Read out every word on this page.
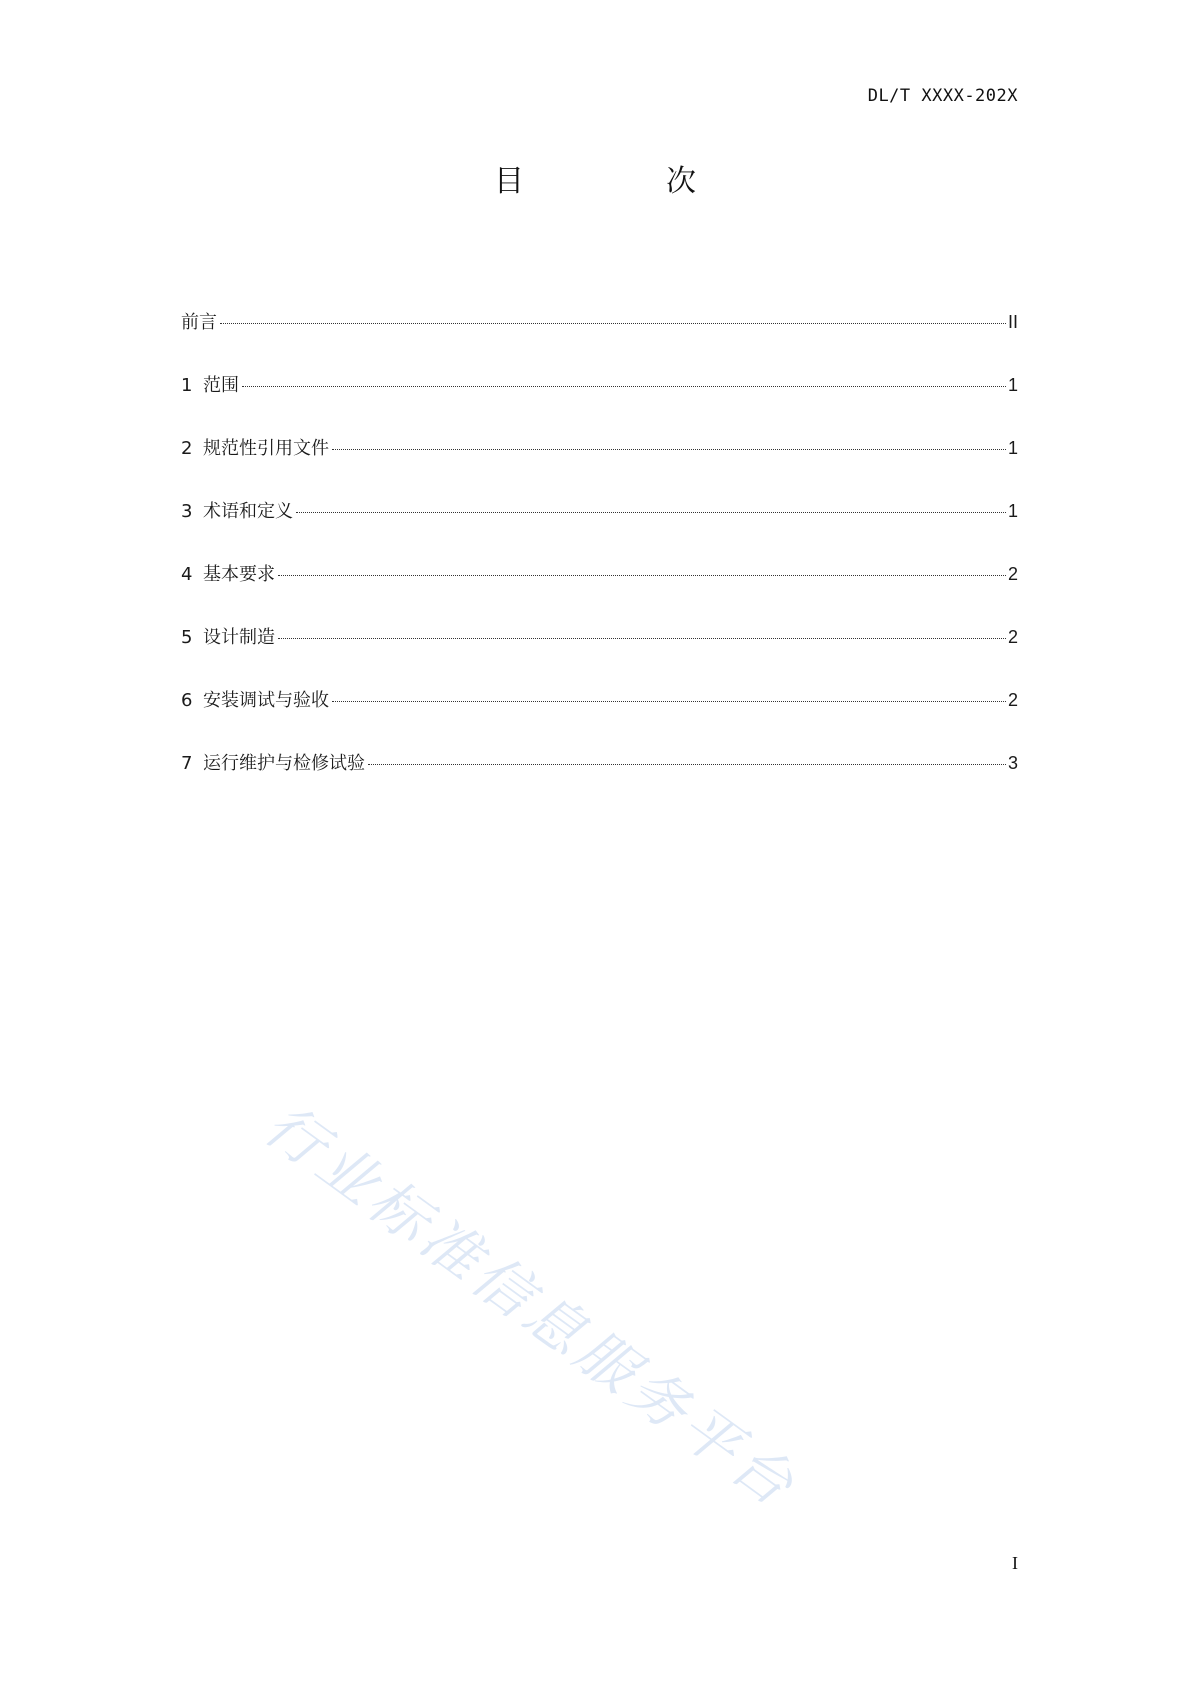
DL/T XXXX-202X
目　次
前言	II
1 范围	1
2 规范性引用文件	1
3 术语和定义	1
4 基本要求	2
5 设计制造	2
6 安装调试与验收	2
7 运行维护与检修试验	3
行业标准信息服务平台
I
